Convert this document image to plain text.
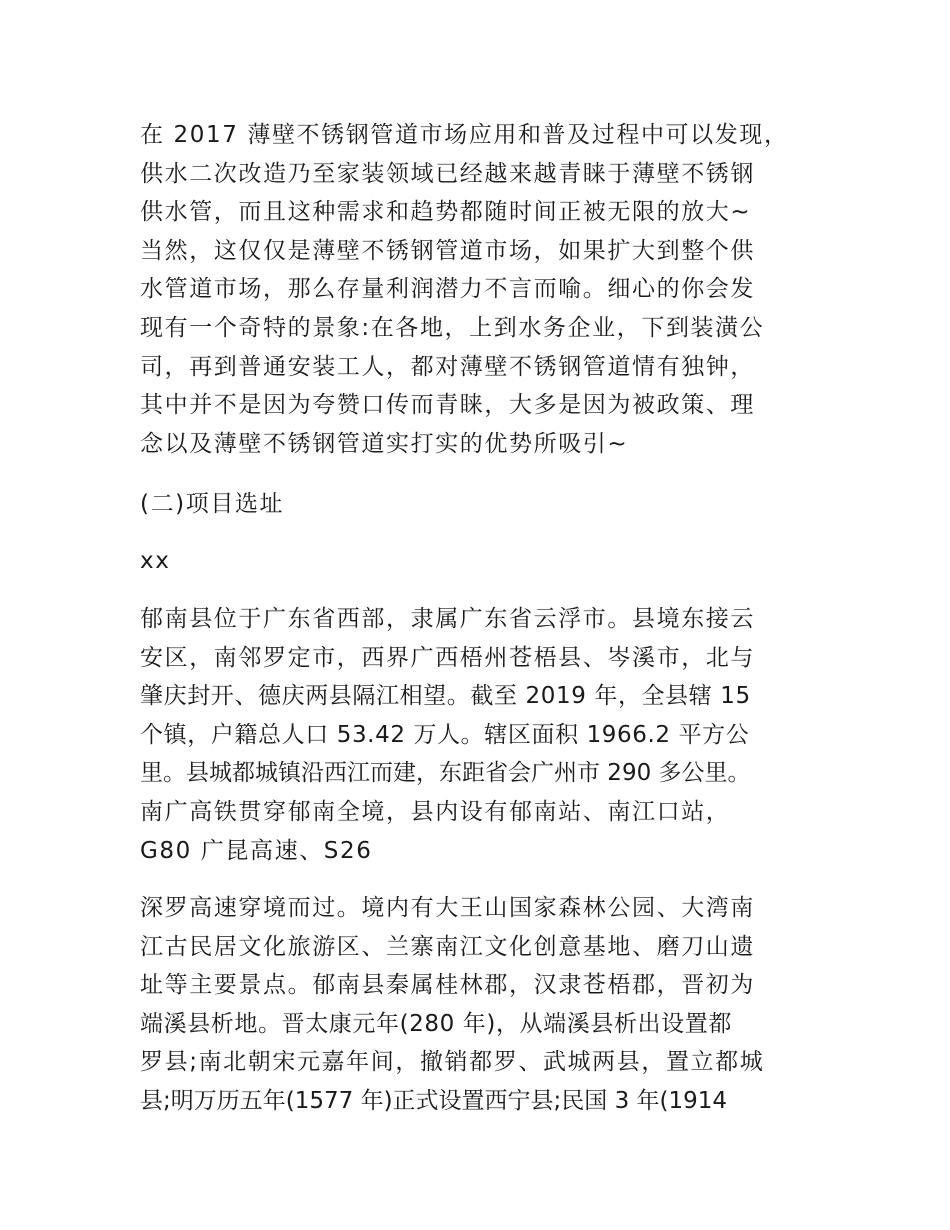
在 2017 薄壁不锈钢管道市场应用和普及过程中可以发现，
供水二次改造乃至家装领域已经越来越青睐于薄壁不锈钢
供水管，而且这种需求和趋势都随时间正被无限的放大~
当然，这仅仅是薄壁不锈钢管道市场，如果扩大到整个供
水管道市场，那么存量利润潜力不言而喻。细心的你会发
现有一个奇特的景象:在各地，上到水务企业，下到装潢公
司，再到普通安装工人，都对薄壁不锈钢管道情有独钟，
其中并不是因为夸赞口传而青睐，大多是因为被政策、理
念以及薄壁不锈钢管道实打实的优势所吸引~
(二)项目选址
xx
郁南县位于广东省西部，隶属广东省云浮市。县境东接云
安区，南邻罗定市，西界广西梧州苍梧县、岑溪市，北与
肇庆封开、德庆两县隔江相望。截至 2019 年，全县辖 15
个镇，户籍总人口 53.42 万人。辖区面积 1966.2 平方公
里。县城都城镇沿西江而建，东距省会广州市 290 多公里。
南广高铁贯穿郁南全境，县内设有郁南站、南江口站，
G80 广昆高速、S26
深罗高速穿境而过。境内有大王山国家森林公园、大湾南
江古民居文化旅游区、兰寨南江文化创意基地、磨刀山遗
址等主要景点。郁南县秦属桂林郡，汉隶苍梧郡，晋初为
端溪县析地。晋太康元年(280 年)，从端溪县析出设置都
罗县;南北朝宋元嘉年间，撤销都罗、武城两县，置立都城
县;明万历五年(1577 年)正式设置西宁县;民国 3 年(1914
